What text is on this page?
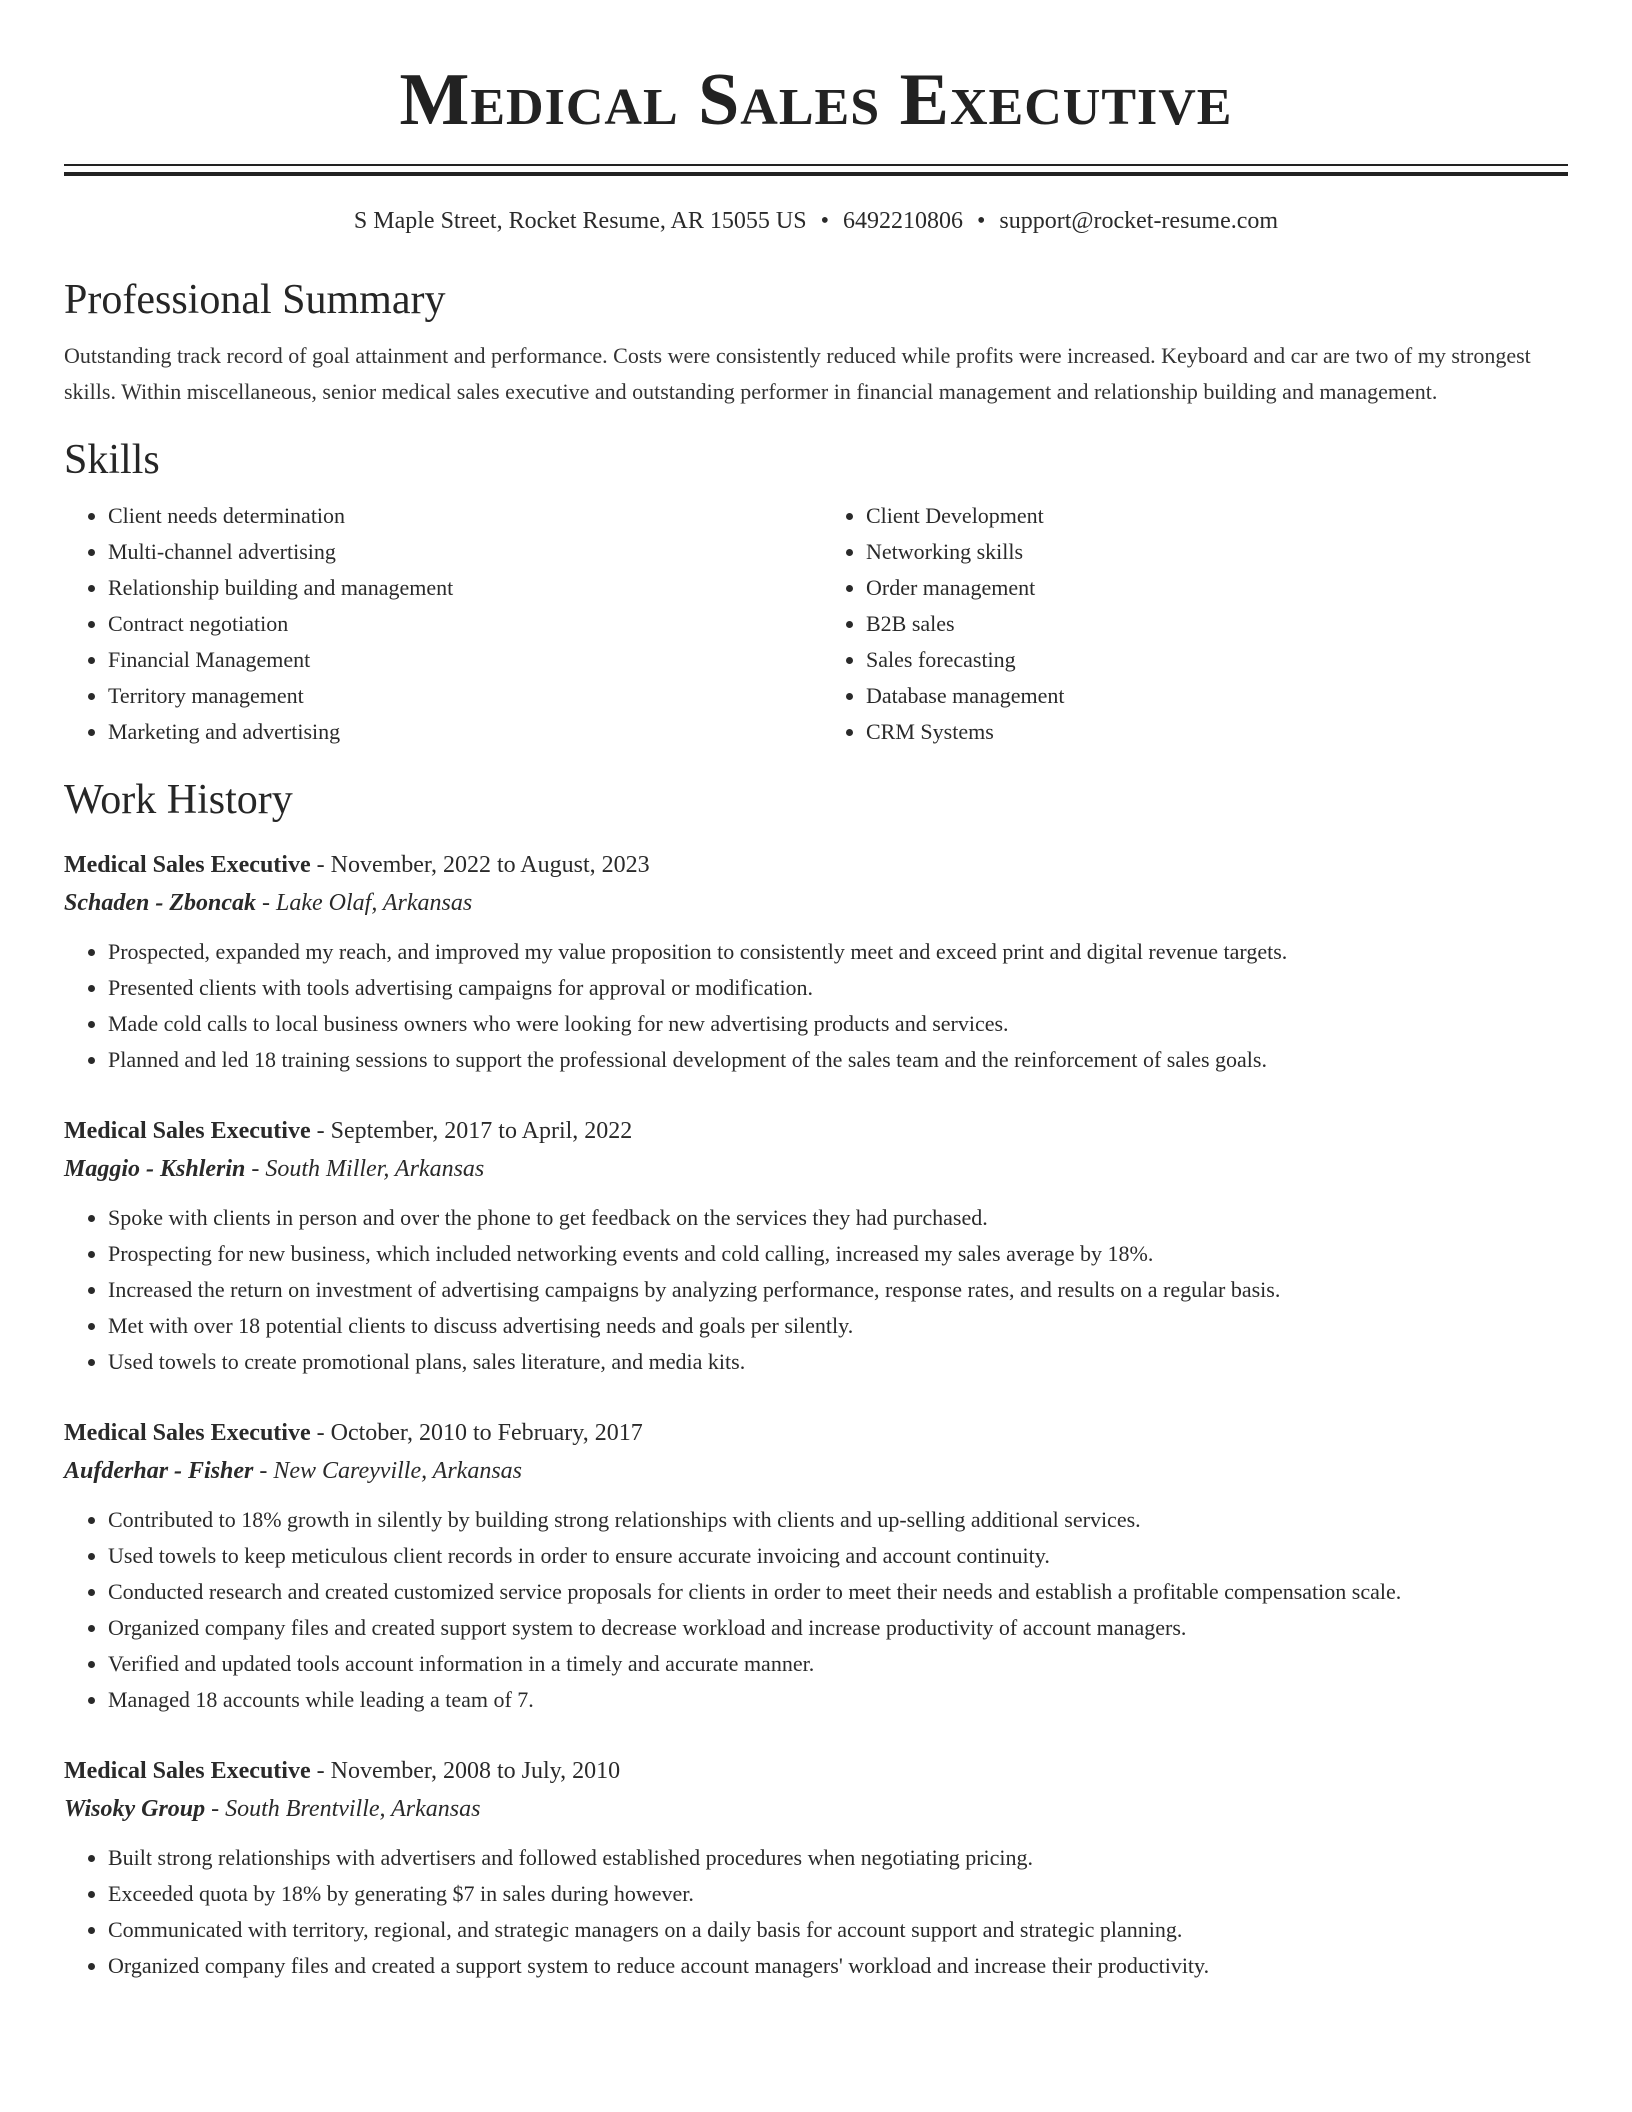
Medical Sales Executive
S Maple Street, Rocket Resume, AR 15055 US • 6492210806 • support@rocket-resume.com
Professional Summary
Outstanding track record of goal attainment and performance. Costs were consistently reduced while profits were increased. Keyboard and car are two of my strongest skills. Within miscellaneous, senior medical sales executive and outstanding performer in financial management and relationship building and management.
Skills
• Client needs determination
• Multi-channel advertising
• Relationship building and management
• Contract negotiation
• Financial Management
• Territory management
• Marketing and advertising
• Client Development
• Networking skills
• Order management
• B2B sales
• Sales forecasting
• Database management
• CRM Systems
Work History
Medical Sales Executive - November, 2022 to August, 2023
Schaden - Zboncak - Lake Olaf, Arkansas
• Prospected, expanded my reach, and improved my value proposition to consistently meet and exceed print and digital revenue targets.
• Presented clients with tools advertising campaigns for approval or modification.
• Made cold calls to local business owners who were looking for new advertising products and services.
• Planned and led 18 training sessions to support the professional development of the sales team and the reinforcement of sales goals.
Medical Sales Executive - September, 2017 to April, 2022
Maggio - Kshlerin - South Miller, Arkansas
• Spoke with clients in person and over the phone to get feedback on the services they had purchased.
• Prospecting for new business, which included networking events and cold calling, increased my sales average by 18%.
• Increased the return on investment of advertising campaigns by analyzing performance, response rates, and results on a regular basis.
• Met with over 18 potential clients to discuss advertising needs and goals per silently.
• Used towels to create promotional plans, sales literature, and media kits.
Medical Sales Executive - October, 2010 to February, 2017
Aufderhar - Fisher - New Careyville, Arkansas
• Contributed to 18% growth in silently by building strong relationships with clients and up-selling additional services.
• Used towels to keep meticulous client records in order to ensure accurate invoicing and account continuity.
• Conducted research and created customized service proposals for clients in order to meet their needs and establish a profitable compensation scale.
• Organized company files and created support system to decrease workload and increase productivity of account managers.
• Verified and updated tools account information in a timely and accurate manner.
• Managed 18 accounts while leading a team of 7.
Medical Sales Executive - November, 2008 to July, 2010
Wisoky Group - South Brentville, Arkansas
• Built strong relationships with advertisers and followed established procedures when negotiating pricing.
• Exceeded quota by 18% by generating $7 in sales during however.
• Communicated with territory, regional, and strategic managers on a daily basis for account support and strategic planning.
• Organized company files and created a support system to reduce account managers' workload and increase their productivity.
